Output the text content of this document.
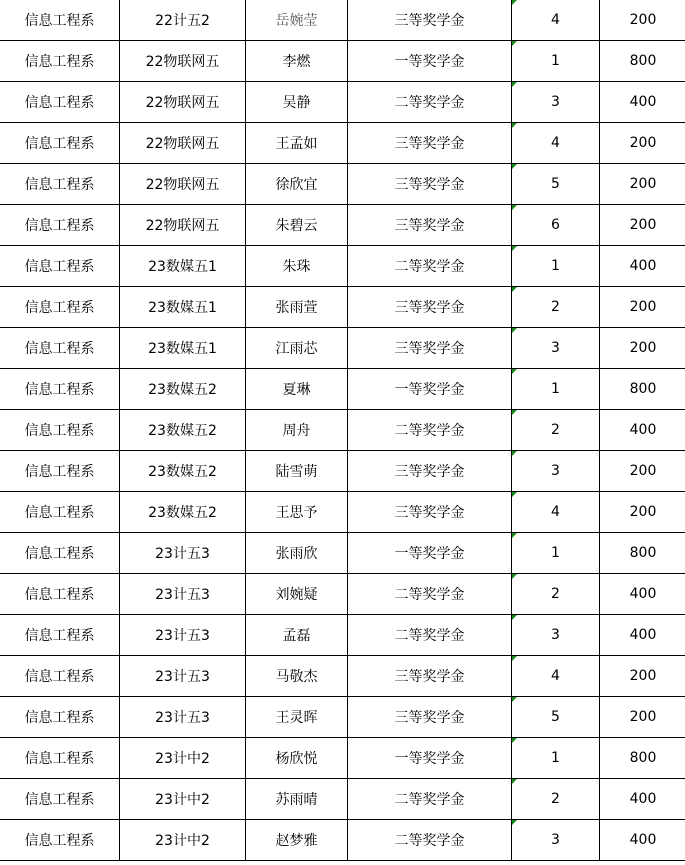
信息工程系	22计五2	岳婉莹	三等奖学金	4	200
信息工程系	22物联网五	李燃	一等奖学金	1	800
信息工程系	22物联网五	吴静	二等奖学金	3	400
信息工程系	22物联网五	王孟如	三等奖学金	4	200
信息工程系	22物联网五	徐欣宜	三等奖学金	5	200
信息工程系	22物联网五	朱碧云	三等奖学金	6	200
信息工程系	23数媒五1	朱珠	二等奖学金	1	400
信息工程系	23数媒五1	张雨萱	三等奖学金	2	200
信息工程系	23数媒五1	江雨芯	三等奖学金	3	200
信息工程系	23数媒五2	夏琳	一等奖学金	1	800
信息工程系	23数媒五2	周舟	二等奖学金	2	400
信息工程系	23数媒五2	陆雪萌	三等奖学金	3	200
信息工程系	23数媒五2	王思予	三等奖学金	4	200
信息工程系	23计五3	张雨欣	一等奖学金	1	800
信息工程系	23计五3	刘婉疑	二等奖学金	2	400
信息工程系	23计五3	孟磊	二等奖学金	3	400
信息工程系	23计五3	马敬杰	三等奖学金	4	200
信息工程系	23计五3	王灵晖	三等奖学金	5	200
信息工程系	23计中2	杨欣悦	一等奖学金	1	800
信息工程系	23计中2	苏雨晴	二等奖学金	2	400
信息工程系	23计中2	赵梦雅	二等奖学金	3	400
